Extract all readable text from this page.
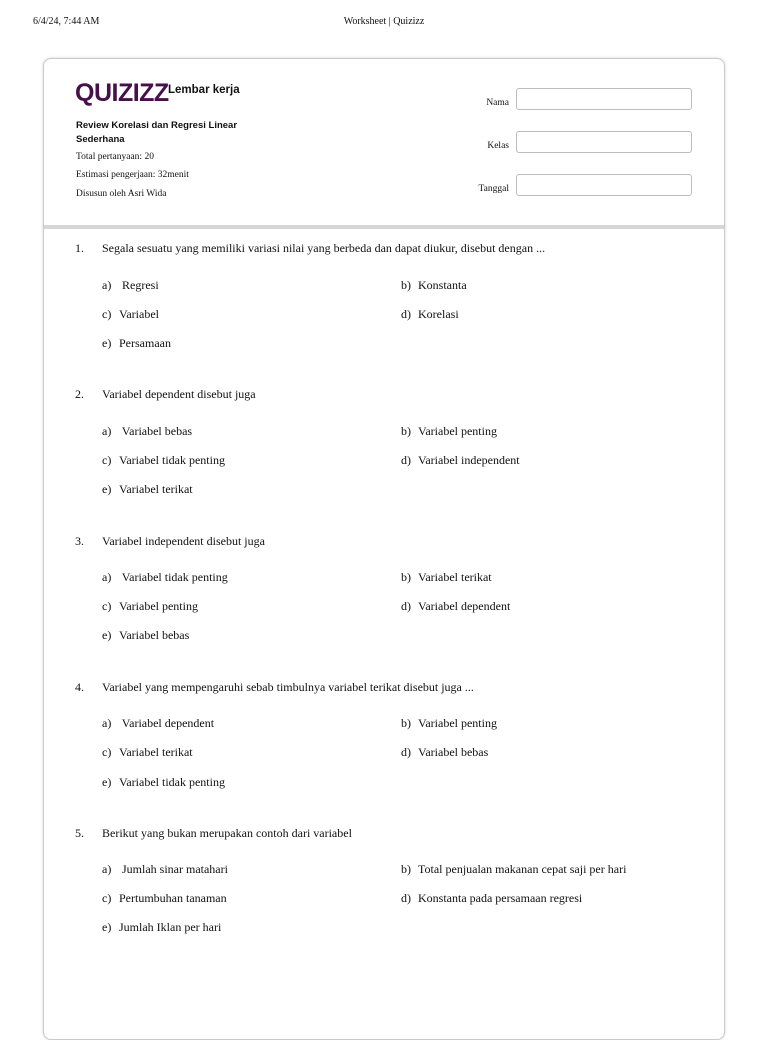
6/4/24, 7:44 AM	Worksheet | Quizizz
QUIZIZZ Lembar kerja
Review Korelasi dan Regresi Linear Sederhana
Total pertanyaan: 20
Estimasi pengerjaan: 32menit
Disusun oleh Asri Wida
Nama
Kelas
Tanggal
1. Segala sesuatu yang memiliki variasi nilai yang berbeda dan dapat diukur, disebut dengan ...
a) Regresi	b) Konstanta
c) Variabel	d) Korelasi
e) Persamaan
2. Variabel dependent disebut juga
a) Variabel bebas	b) Variabel penting
c) Variabel tidak penting	d) Variabel independent
e) Variabel terikat
3. Variabel independent disebut juga
a) Variabel tidak penting	b) Variabel terikat
c) Variabel penting	d) Variabel dependent
e) Variabel bebas
4. Variabel yang mempengaruhi sebab timbulnya variabel terikat disebut juga ...
a) Variabel dependent	b) Variabel penting
c) Variabel terikat	d) Variabel bebas
e) Variabel tidak penting
5. Berikut yang bukan merupakan contoh dari variabel
a) Jumlah sinar matahari	b) Total penjualan makanan cepat saji per hari
c) Pertumbuhan tanaman	d) Konstanta pada persamaan regresi
e) Jumlah Iklan per hari
